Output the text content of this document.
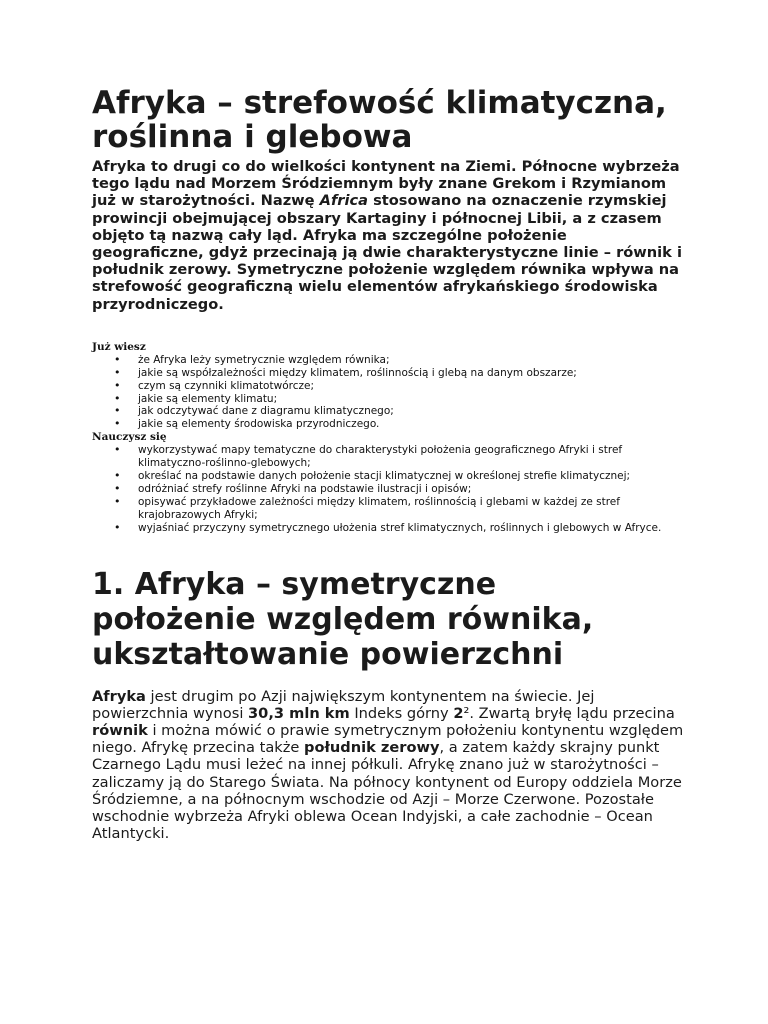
Afryka – strefowość klimatyczna,
roślinna i glebowa

Afryka to drugi co do wielkości kontynent na Ziemi. Północne wybrzeża tego lądu nad Morzem Śródziemnym były znane Grekom i Rzymianom już w starożytności. Nazwę Africa stosowano na oznaczenie rzymskiej prowincji obejmującej obszary Kartaginy i północnej Libii, a z czasem objęto tą nazwą cały ląd. Afryka ma szczególne położenie geograficzne, gdyż przecinają ją dwie charakterystyczne linie – równik i południk zerowy. Symetryczne położenie względem równika wpływa na strefowość geograficzną wielu elementów afrykańskiego środowiska przyrodniczego.

Już wiesz
• że Afryka leży symetrycznie względem równika;
• jakie są współzależności między klimatem, roślinnością i glebą na danym obszarze;
• czym są czynniki klimatotwórcze;
• jakie są elementy klimatu;
• jak odczytywać dane z diagramu klimatycznego;
• jakie są elementy środowiska przyrodniczego.
Nauczysz się
• wykorzystywać mapy tematyczne do charakterystyki położenia geograficznego Afryki i stref klimatyczno-roślinno-glebowych;
• określać na podstawie danych położenie stacji klimatycznej w określonej strefie klimatycznej;
• odróżniać strefy roślinne Afryki na podstawie ilustracji i opisów;
• opisywać przykładowe zależności między klimatem, roślinnością i glebami w każdej ze stref krajobrazowych Afryki;
• wyjaśniać przyczyny symetrycznego ułożenia stref klimatycznych, roślinnych i glebowych w Afryce.
1. Afryka – symetryczne
położenie względem równika,
ukształtowanie powierzchni

Afryka jest drugim po Azji największym kontynentem na świecie. Jej powierzchnia wynosi 30,3 mln km Indeks górny 2². Zwartą bryłę lądu przecina równik i można mówić o prawie symetrycznym położeniu kontynentu względem niego. Afrykę przecina także południk zerowy, a zatem każdy skrajny punkt Czarnego Lądu musi leżeć na innej półkuli. Afrykę znano już w starożytności – zaliczamy ją do Starego Świata. Na północy kontynent od Europy oddziela Morze Śródziemne, a na północnym wschodzie od Azji – Morze Czerwone. Pozostałe wschodnie wybrzeża Afryki oblewa Ocean Indyjski, a całe zachodnie – Ocean Atlantycki.
